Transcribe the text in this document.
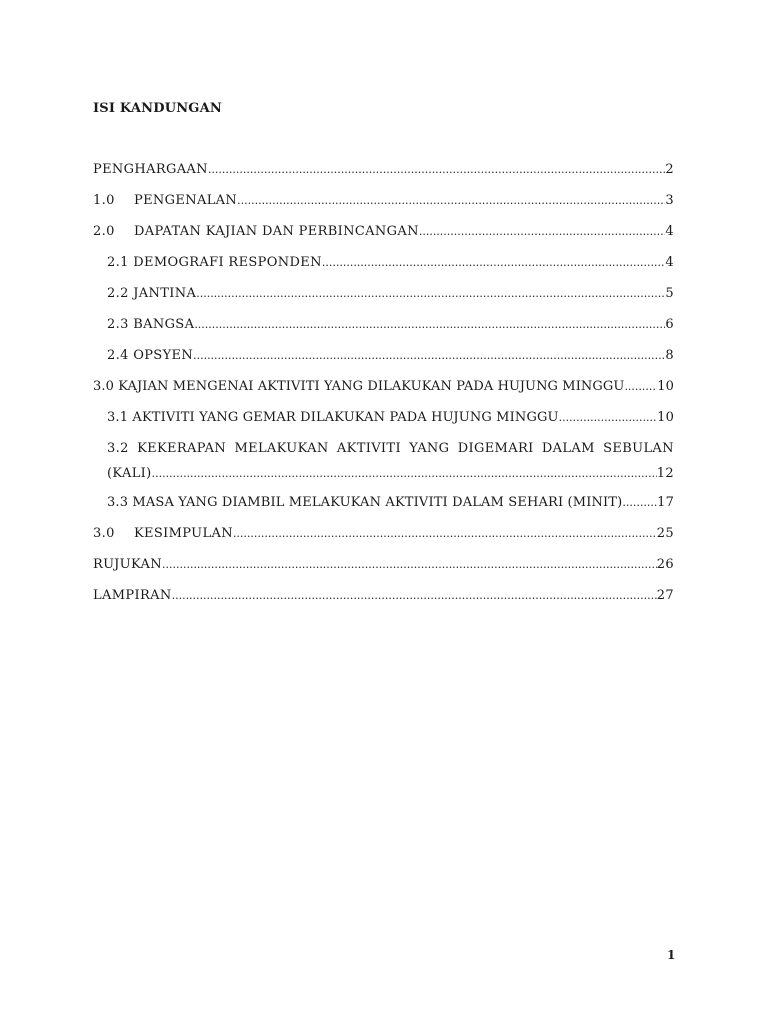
ISI KANDUNGAN
PENGHARGAAN .....	2
1.0	PENGENALAN .....	3
2.0	DAPATAN KAJIAN DAN PERBINCANGAN .....	4
2.1 DEMOGRAFI RESPONDEN .....	4
2.2 JANTINA .....	5
2.3 BANGSA .....	6
2.4 OPSYEN .....	8
3.0 KAJIAN MENGENAI AKTIVITI YANG DILAKUKAN PADA HUJUNG MINGGU .....	10
3.1 AKTIVITI YANG GEMAR DILAKUKAN PADA HUJUNG MINGGU .....	10
3.2 KEKERAPAN MELAKUKAN AKTIVITI YANG DIGEMARI DALAM SEBULAN
(KALI) .....	12
3.3 MASA YANG DIAMBIL MELAKUKAN AKTIVITI DALAM SEHARI (MINIT) .....	17
3.0	KESIMPULAN .....	25
RUJUKAN .....	26
LAMPIRAN .....	27
1
